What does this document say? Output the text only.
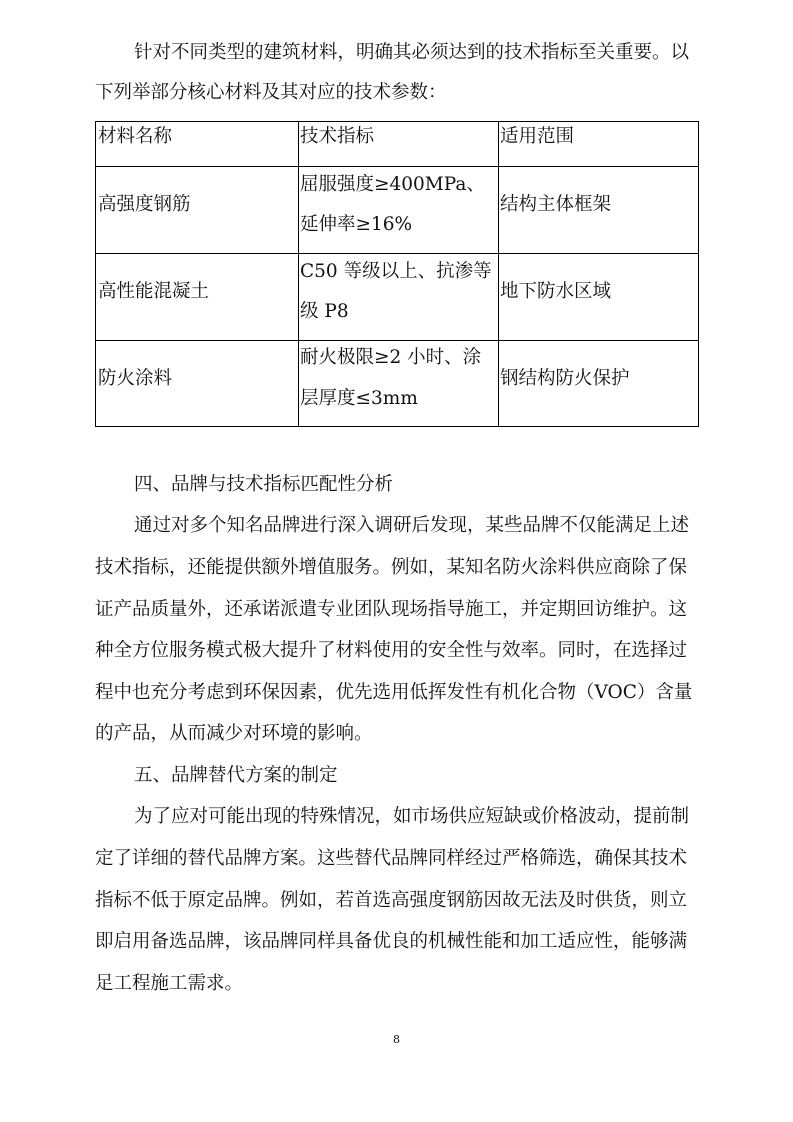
针对不同类型的建筑材料，明确其必须达到的技术指标至关重要。以
下列举部分核心材料及其对应的技术参数：
材料名称	技术指标	适用范围
高强度钢筋
屈服强度≥400MPa、
延伸率≥16%
结构主体框架
高性能混凝土
C50 等级以上、抗渗等
级 P8
地下防水区域
防火涂料
耐火极限≥2 小时、涂
层厚度≤3mm
钢结构防火保护
四、品牌与技术指标匹配性分析
通过对多个知名品牌进行深入调研后发现，某些品牌不仅能满足上述
技术指标，还能提供额外增值服务。例如，某知名防火涂料供应商除了保
证产品质量外，还承诺派遣专业团队现场指导施工，并定期回访维护。这
种全方位服务模式极大提升了材料使用的安全性与效率。同时，在选择过
程中也充分考虑到环保因素，优先选用低挥发性有机化合物（VOC）含量
的产品，从而减少对环境的影响。
五、品牌替代方案的制定
为了应对可能出现的特殊情况，如市场供应短缺或价格波动，提前制
定了详细的替代品牌方案。这些替代品牌同样经过严格筛选，确保其技术
指标不低于原定品牌。例如，若首选高强度钢筋因故无法及时供货，则立
即启用备选品牌，该品牌同样具备优良的机械性能和加工适应性，能够满
足工程施工需求。
8
